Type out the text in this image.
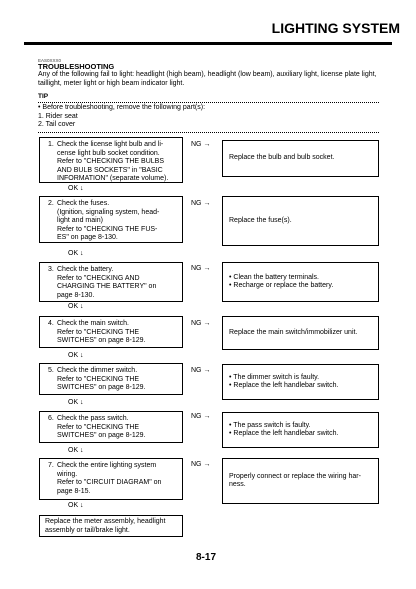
LIGHTING SYSTEM
EAS0XXX0
TROUBLESHOOTING
Any of the following fail to light: headlight (high beam), headlight (low beam), auxiliary light, license plate light, taillight, meter light or high beam indicator light.
TIP
• Before troubleshooting, remove the following part(s):
1. Rider seat
2. Tail cover
1. Check the license light bulb and li-
cense light bulb socket condition.
Refer to "CHECKING THE BULBS
AND BULB SOCKETS" in "BASIC
INFORMATION" (separate volume).
NG →
Replace the bulb and bulb socket.
OK ↓
2. Check the fuses.
(Ignition, signaling system, head-
light and main)
Refer to "CHECKING THE FUS-
ES" on page 8-130.
NG →
Replace the fuse(s).
OK ↓
3. Check the battery.
Refer to "CHECKING AND
CHARGING THE BATTERY" on
page 8-130.
NG →
• Clean the battery terminals.
• Recharge or replace the battery.
OK ↓
4. Check the main switch.
Refer to "CHECKING THE
SWITCHES" on page 8-129.
NG →
Replace the main switch/immobilizer unit.
OK ↓
5. Check the dimmer switch.
Refer to "CHECKING THE
SWITCHES" on page 8-129.
NG →
• The dimmer switch is faulty.
• Replace the left handlebar switch.
OK ↓
6. Check the pass switch.
Refer to "CHECKING THE
SWITCHES" on page 8-129.
NG →
• The pass switch is faulty.
• Replace the left handlebar switch.
OK ↓
7. Check the entire lighting system
wiring.
Refer to "CIRCUIT DIAGRAM" on
page 8-15.
NG →
Properly connect or replace the wiring har-
ness.
OK ↓
Replace the meter assembly, headlight
assembly or tail/brake light.
8-17
